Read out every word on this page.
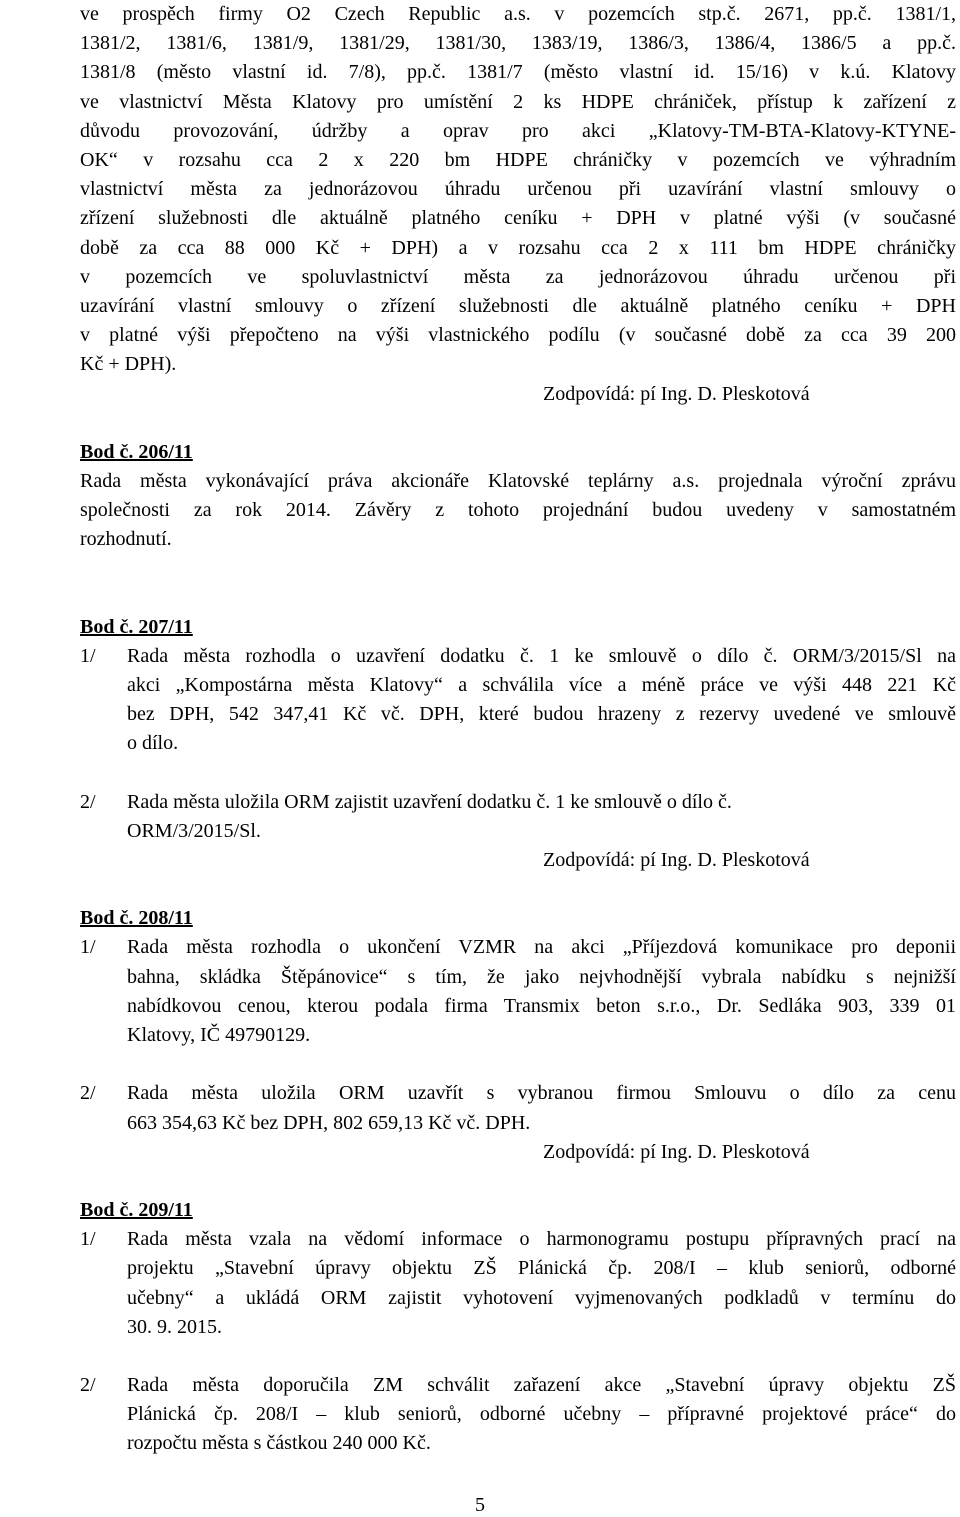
ve prospěch firmy O2 Czech Republic a.s. v pozemcích stp.č. 2671, pp.č. 1381/1,

1381/2, 1381/6, 1381/9, 1381/29, 1381/30, 1383/19, 1386/3, 1386/4, 1386/5 a pp.č.

1381/8 (město vlastní id. 7/8), pp.č. 1381/7 (město vlastní id. 15/16) v k.ú. Klatovy

ve vlastnictví Města Klatovy pro umístění 2 ks HDPE chrániček, přístup k zařízení z

důvodu provozování, údržby a oprav pro akci „Klatovy-TM-BTA-Klatovy-KTYNE-

OK“ v rozsahu cca 2 x 220 bm HDPE chráničky v pozemcích ve výhradním

vlastnictví města za jednorázovou úhradu určenou při uzavírání vlastní smlouvy o

zřízení služebnosti dle aktuálně platného ceníku + DPH v platné výši (v současné

době za cca 88 000 Kč + DPH) a v rozsahu cca 2 x 111 bm HDPE chráničky

v pozemcích ve spoluvlastnictví města za jednorázovou úhradu určenou při

uzavírání vlastní smlouvy o zřízení služebnosti dle aktuálně platného ceníku + DPH

v platné výši přepočteno na výši vlastnického podílu (v současné době za cca 39 200

Kč + DPH).

Zodpovídá: pí Ing. D. Pleskotová

Bod č. 206/11

Rada města vykonávající práva akcionáře Klatovské teplárny a.s. projednala výroční zprávu

společnosti za rok 2014. Závěry z tohoto projednání budou uvedeny v samostatném

rozhodnutí.

Bod č. 207/11

1/	Rada města rozhodla o uzavření dodatku č. 1 ke smlouvě o dílo č. ORM/3/2015/Sl na

akci „Kompostárna města Klatovy“ a schválila více a méně práce ve výši 448 221 Kč

bez DPH, 542 347,41 Kč vč. DPH, které budou hrazeny z rezervy uvedené ve smlouvě

o dílo.

2/	Rada města uložila ORM zajistit uzavření dodatku č. 1 ke smlouvě o dílo č.

ORM/3/2015/Sl.

Zodpovídá: pí Ing. D. Pleskotová

Bod č. 208/11

1/	Rada města rozhodla o ukončení VZMR na akci „Příjezdová komunikace pro deponii

bahna, skládka Štěpánovice“ s tím, že jako nejvhodnější vybrala nabídku s nejnižší

nabídkovou cenou, kterou podala firma Transmix beton s.r.o., Dr. Sedláka 903, 339 01

Klatovy, IČ 49790129.

2/	Rada města uložila ORM uzavřít s vybranou firmou Smlouvu o dílo za cenu

663 354,63 Kč bez DPH, 802 659,13 Kč vč. DPH.

Zodpovídá: pí Ing. D. Pleskotová

Bod č. 209/11

1/	Rada města vzala na vědomí informace o harmonogramu postupu přípravných prací na

projektu „Stavební úpravy objektu ZŠ Plánická čp. 208/I – klub seniorů, odborné

učebny“ a ukládá ORM zajistit vyhotovení vyjmenovaných podkladů v termínu do

30. 9. 2015.

2/	Rada města doporučila ZM schválit zařazení akce „Stavební úpravy objektu ZŠ

Plánická čp. 208/I – klub seniorů, odborné učebny – přípravné projektové práce“ do

rozpočtu města s částkou 240 000 Kč.

5
